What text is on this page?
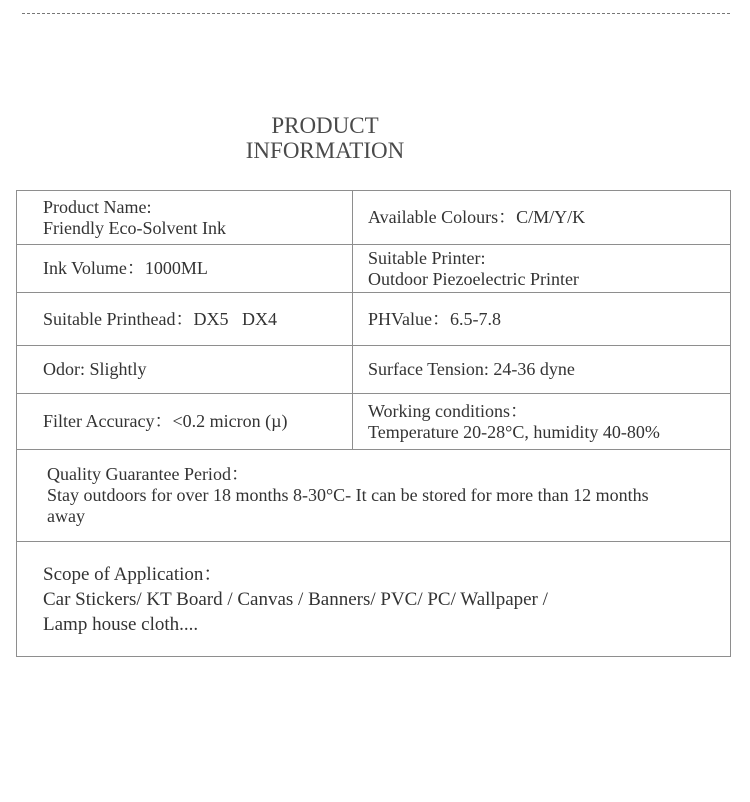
PRODUCT
INFORMATION
Product Name:
Friendly Eco-Solvent Ink	Available Colours：C/M/Y/K

Ink Volume：1000ML	Suitable Printer:
Outdoor Piezoelectric Printer

Suitable Printhead：DX5   DX4	PHValue：6.5-7.8

Odor: Slightly	Surface Tension: 24-36 dyne

Filter Accuracy：<0.2 micron (µ)	Working conditions：
Temperature 20-28°C, humidity 40-80%

Quality Guarantee Period：
Stay outdoors for over 18 months 8-30°C- It can be stored for more than 12 months away	

Scope of Application：
Car Stickers/ KT Board / Canvas / Banners/ PVC/ PC/ Wallpaper /
Lamp house cloth....	
